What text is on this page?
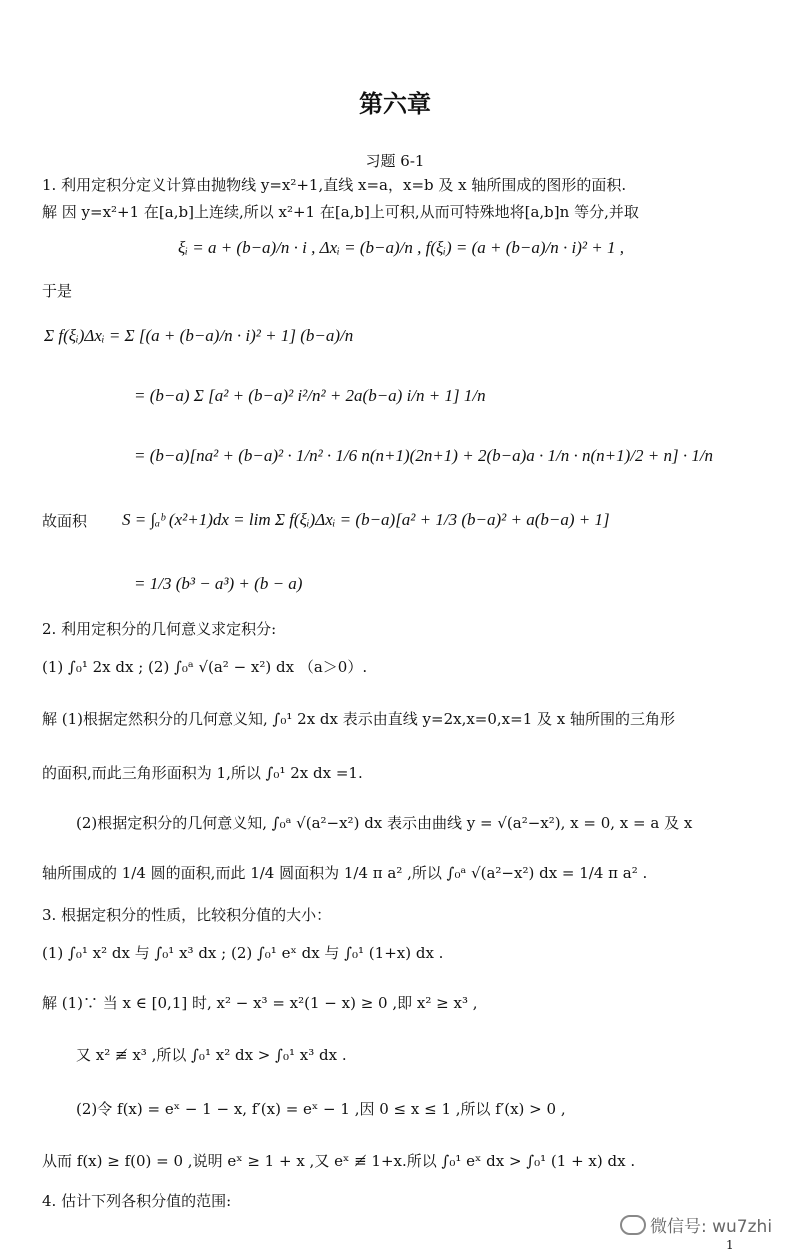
第六章
习题 6-1
1. 利用定积分定义计算由抛物线 y=x²+1,直线 x=a，x=b 及 x 轴所围成的图形的面积.
解 因 y=x²+1 在[a,b]上连续,所以 x²+1 在[a,b]上可积,从而可特殊地将[a,b]n 等分,并取
ξᵢ = a + (b−a)/n · i , Δxᵢ = (b−a)/n , f(ξᵢ) = (a + (b−a)/n · i)² + 1 ,
于是
Σ f(ξᵢ)Δxᵢ = Σ [(a + (b−a)/n · i)² + 1] (b−a)/n
= (b−a) Σ [a² + (b−a)² i²/n² + 2a(b−a) i/n + 1] 1/n
= (b−a)[na² + (b−a)² · 1/n² · 1/6 n(n+1)(2n+1) + 2(b−a)a · 1/n · n(n+1)/2 + n] · 1/n
故面积 S = ∫ₐᵇ (x²+1)dx = lim Σ f(ξᵢ)Δxᵢ = (b−a)[a² + 1/3 (b−a)² + a(b−a) + 1]
= 1/3 (b³ − a³) + (b − a)
2. 利用定积分的几何意义求定积分:
(1) ∫₀¹ 2x dx ; (2) ∫₀ᵃ √(a² − x²) dx （a＞0）.
解 (1)根据定然积分的几何意义知, ∫₀¹ 2x dx 表示由直线 y=2x,x=0,x=1 及 x 轴所围的三角形
的面积,而此三角形面积为 1,所以 ∫₀¹ 2x dx =1.
(2)根据定积分的几何意义知, ∫₀ᵃ √(a²−x²) dx 表示由曲线 y = √(a²−x²), x = 0, x = a 及 x
轴所围成的 1/4 圆的面积,而此 1/4 圆面积为 1/4 π a² ,所以 ∫₀ᵃ √(a²−x²) dx = 1/4 π a² .
3. 根据定积分的性质，比较积分值的大小：
(1) ∫₀¹ x² dx 与 ∫₀¹ x³ dx ; (2) ∫₀¹ eˣ dx 与 ∫₀¹ (1+x) dx .
解 (1)∵ 当 x ∈ [0,1] 时, x² − x³ = x²(1 − x) ≥ 0 ,即 x² ≥ x³ ,
又 x² ≢ x³ ,所以 ∫₀¹ x² dx > ∫₀¹ x³ dx .
(2)令 f(x) = eˣ − 1 − x, f′(x) = eˣ − 1 ,因 0 ≤ x ≤ 1 ,所以 f′(x) > 0 ,
从而 f(x) ≥ f(0) = 0 ,说明 eˣ ≥ 1 + x ,又 eˣ ≢ 1+x.所以 ∫₀¹ eˣ dx > ∫₀¹ (1 + x) dx .
4. 估计下列各积分值的范围:
微信号: wu7zhi
1
